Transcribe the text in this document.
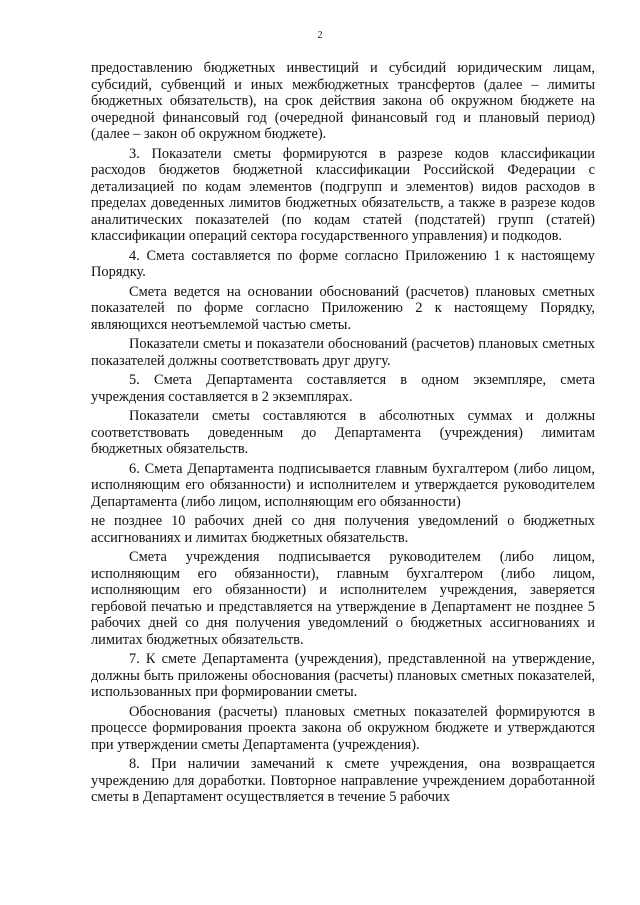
2

предоставлению бюджетных инвестиций и субсидий юридическим лицам, субсидий, субвенций и иных межбюджетных трансфертов (далее – лимиты бюджетных обязательств), на срок действия закона об окружном бюджете на очередной финансовый год (очередной финансовый год и плановый период) (далее – закон об окружном бюджете).

3. Показатели сметы формируются в разрезе кодов классификации расходов бюджетов бюджетной классификации Российской Федерации с детализацией по кодам элементов (подгрупп и элементов) видов расходов в пределах доведенных лимитов бюджетных обязательств, а также в разрезе кодов аналитических показателей (по кодам статей (подстатей) групп (статей) классификации операций сектора государственного управления) и подкодов.

4. Смета составляется по форме согласно Приложению 1 к настоящему Порядку.

Смета ведется на основании обоснований (расчетов) плановых сметных показателей по форме согласно Приложению 2 к настоящему Порядку, являющихся неотъемлемой частью сметы.

Показатели сметы и показатели обоснований (расчетов) плановых сметных показателей должны соответствовать друг другу.

5. Смета Департамента составляется в одном экземпляре, смета учреждения составляется в 2 экземплярах.

Показатели сметы составляются в абсолютных суммах и должны соответствовать доведенным до Департамента (учреждения) лимитам бюджетных обязательств.

6. Смета Департамента подписывается главным бухгалтером (либо лицом, исполняющим его обязанности) и исполнителем и утверждается руководителем Департамента (либо лицом, исполняющим его обязанности)

не позднее 10 рабочих дней со дня получения уведомлений о бюджетных ассигнованиях и лимитах бюджетных обязательств.

Смета учреждения подписывается руководителем (либо лицом, исполняющим его обязанности), главным бухгалтером (либо лицом, исполняющим его обязанности) и исполнителем учреждения, заверяется гербовой печатью и представляется на утверждение в Департамент не позднее 5 рабочих дней со дня получения уведомлений о бюджетных ассигнованиях и лимитах бюджетных обязательств.

7. К смете Департамента (учреждения), представленной на утверждение, должны быть приложены обоснования (расчеты) плановых сметных показателей, использованных при формировании сметы.

Обоснования (расчеты) плановых сметных показателей формируются в процессе формирования проекта закона об окружном бюджете и утверждаются при утверждении сметы Департамента (учреждения).

8. При наличии замечаний к смете учреждения, она возвращается учреждению для доработки. Повторное направление учреждением доработанной сметы в Департамент осуществляется в течение 5 рабочих
